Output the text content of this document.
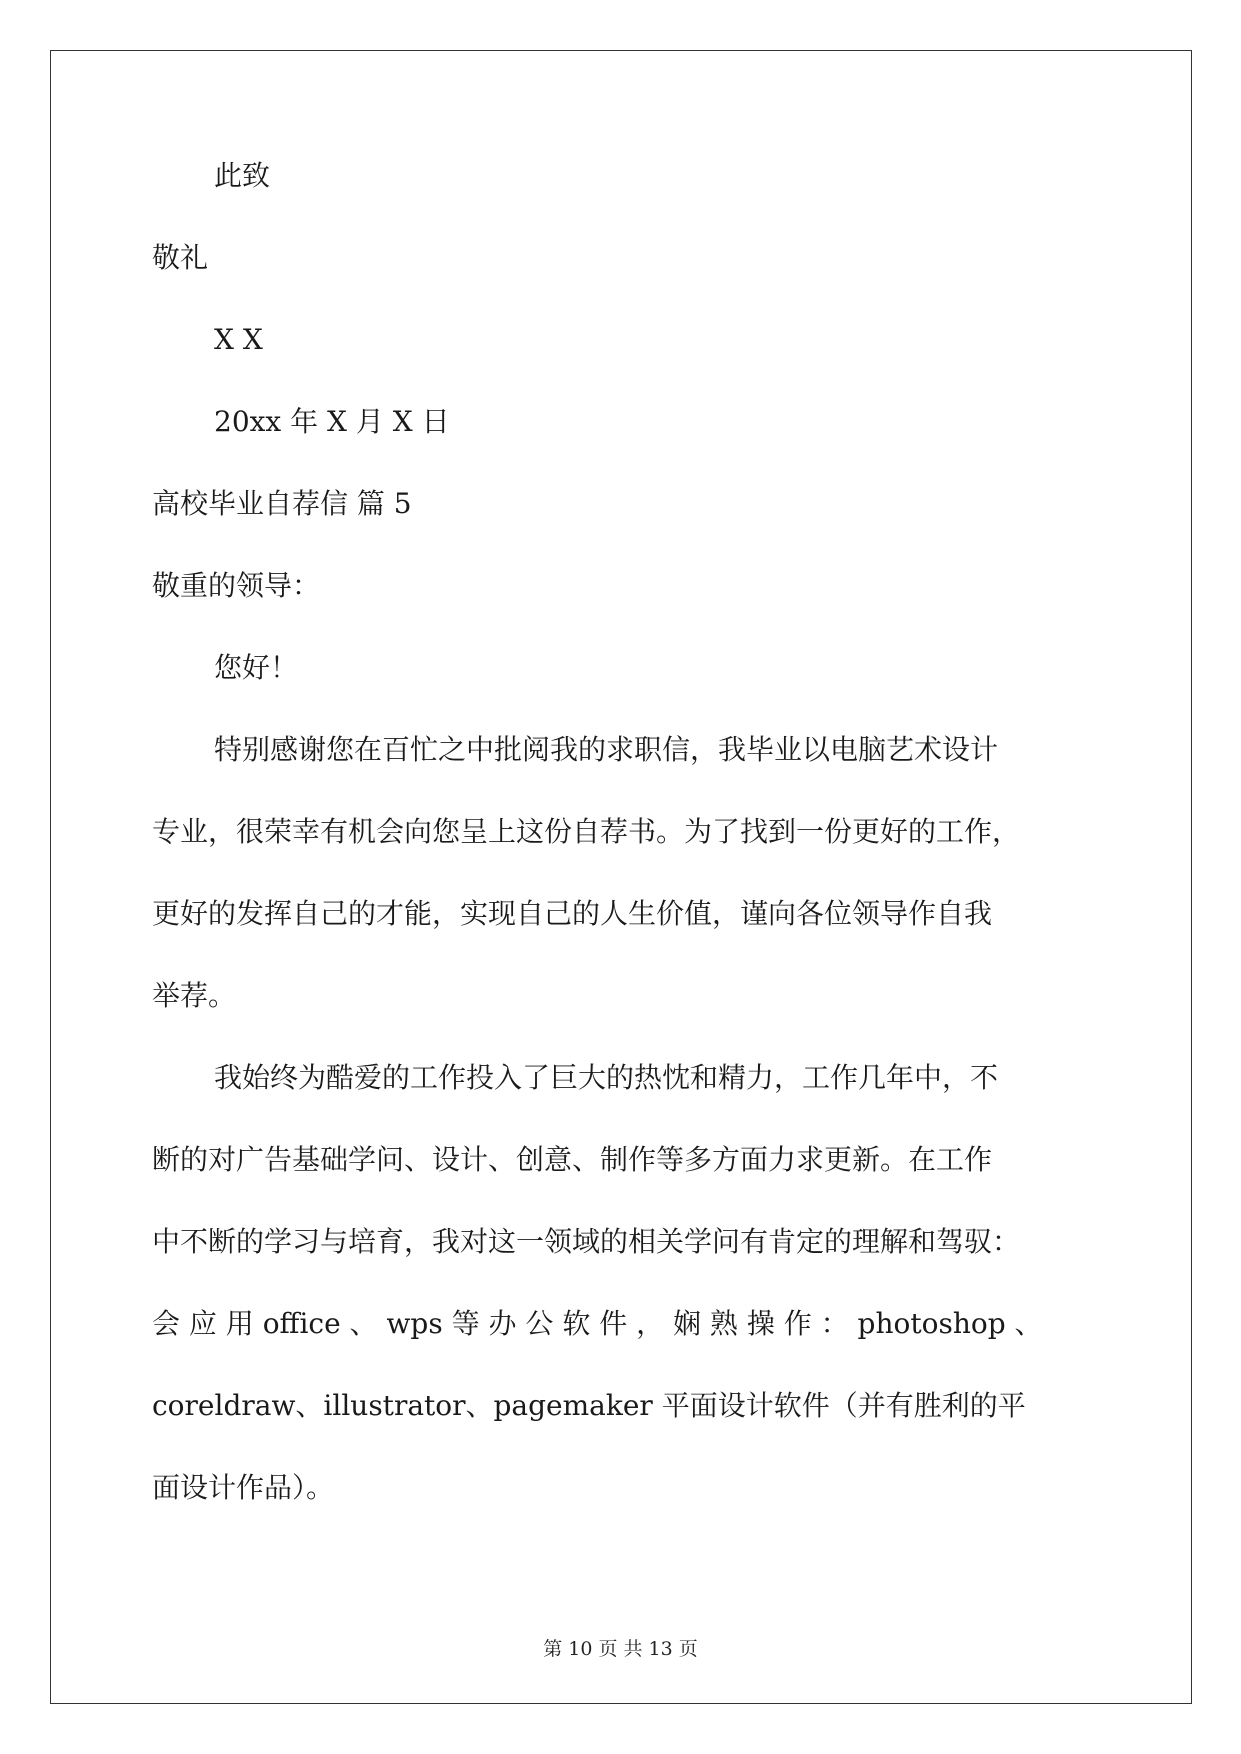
此致
敬礼
X X
20xx 年 X 月 X 日
高校毕业自荐信 篇 5
敬重的领导：
您好！
特别感谢您在百忙之中批阅我的求职信，我毕业以电脑艺术设计
专业，很荣幸有机会向您呈上这份自荐书。为了找到一份更好的工作，
更好的发挥自己的才能，实现自己的人生价值，谨向各位领导作自我
举荐。
我始终为酷爱的工作投入了巨大的热忱和精力，工作几年中，不
断的对广告基础学问、设计、创意、制作等多方面力求更新。在工作
中不断的学习与培育，我对这一领域的相关学问有肯定的理解和驾驭：
会 应 用 office 、 wps 等 办 公 软 件 ， 娴 熟 操 作 ： photoshop 、
coreldraw、illustrator、pagemaker 平面设计软件（并有胜利的平
面设计作品）。
第 10 页 共 13 页
